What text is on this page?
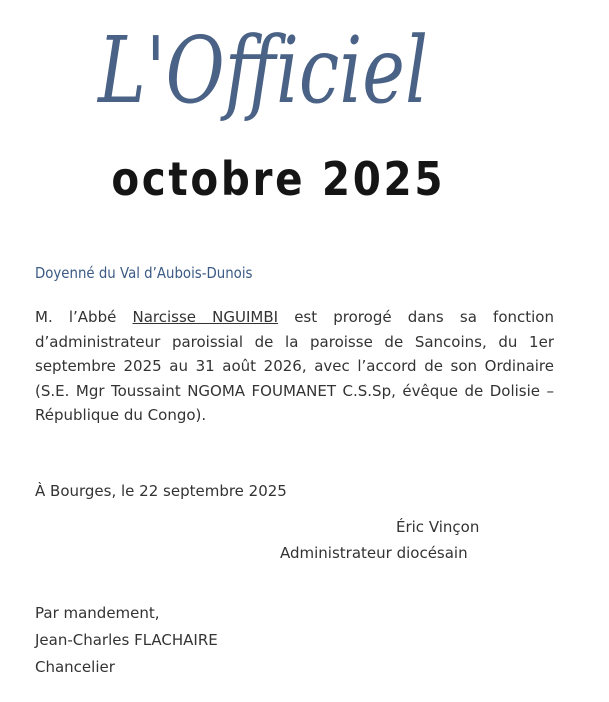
L'Officiel
octobre 2025
Doyenné du Val d’Aubois-Dunois
M. l’Abbé Narcisse NGUIMBI est prorogé dans sa fonction d’administrateur paroissial de la paroisse de Sancoins, du 1er septembre 2025 au 31 août 2026, avec l’accord de son Ordinaire (S.E. Mgr Toussaint NGOMA FOUMANET C.S.Sp, évêque de Dolisie – République du Congo).
À Bourges, le 22 septembre 2025
Éric Vinçon
Administrateur diocésain
Par mandement,
Jean-Charles FLACHAIRE
Chancelier
